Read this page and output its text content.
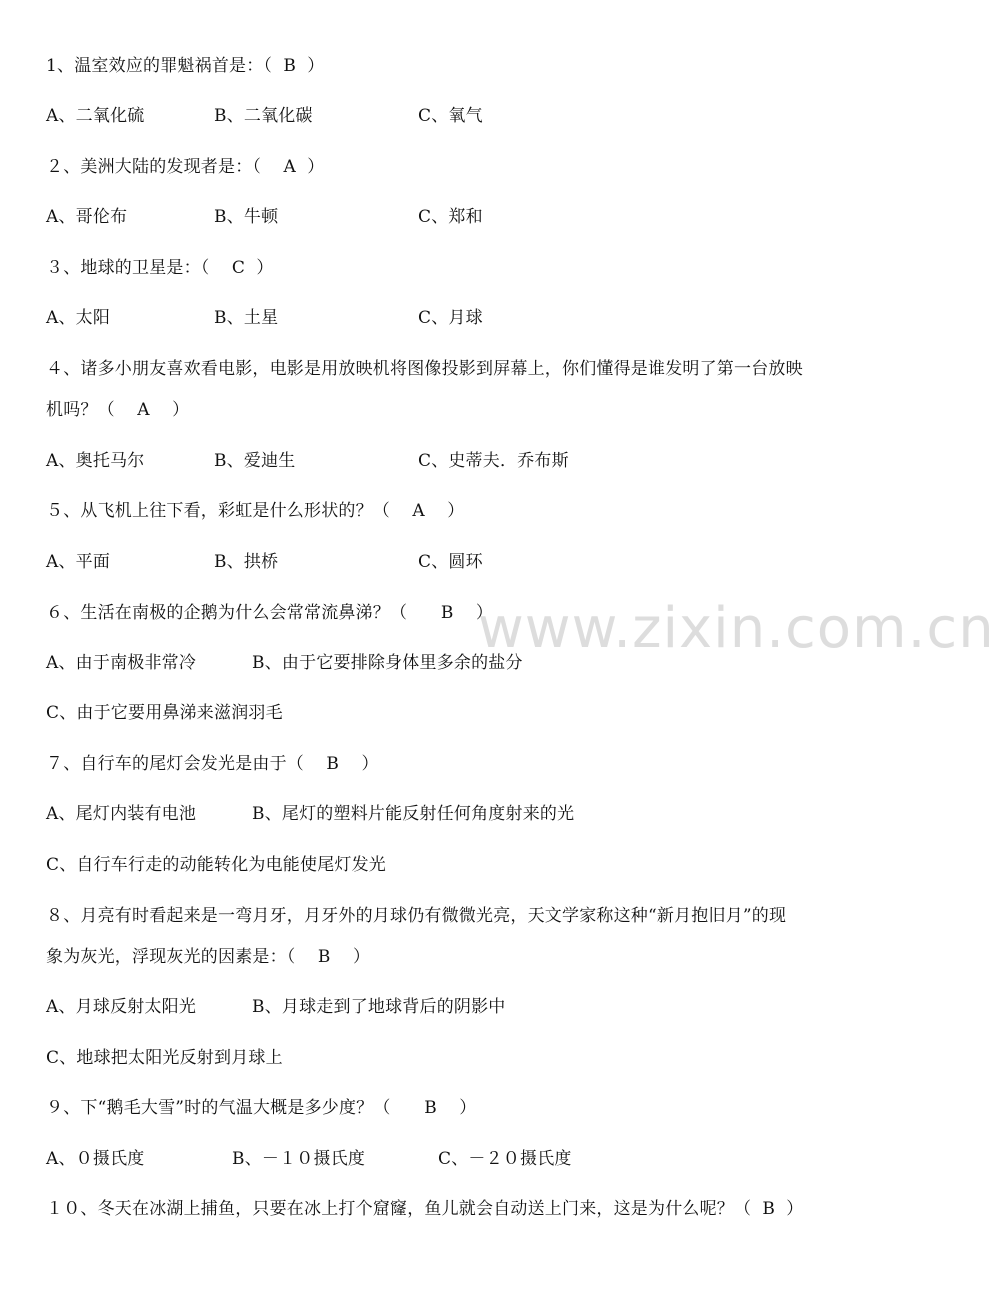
www.zixin.com.cn
1、温室效应的罪魁祸首是：（  B  ）
A、二氧化硫	B、二氧化碳	C、氧气
２、美洲大陆的发现者是：（    A  ）
A、哥伦布	B、牛顿	C、郑和
３、地球的卫星是：（    C  ）
A、太阳	B、土星	C、月球
４、诸多小朋友喜欢看电影，电影是用放映机将图像投影到屏幕上，你们懂得是谁发明了第一台放映
机吗？（    A    ）
A、奥托马尔	B、爱迪生	C、史蒂夫．乔布斯
５、从飞机上往下看，彩虹是什么形状的？（    A    ）
A、平面	B、拱桥	C、圆环
６、生活在南极的企鹅为什么会常常流鼻涕？（      B    ）
A、由于南极非常冷	B、由于它要排除身体里多余的盐分
C、由于它要用鼻涕来滋润羽毛
７、自行车的尾灯会发光是由于（    B    ）
A、尾灯内装有电池	B、尾灯的塑料片能反射任何角度射来的光
C、自行车行走的动能转化为电能使尾灯发光
８、月亮有时看起来是一弯月牙，月牙外的月球仍有微微光亮，天文学家称这种“新月抱旧月”的现
象为灰光，浮现灰光的因素是：（    B    ）
A、月球反射太阳光	B、月球走到了地球背后的阴影中
C、地球把太阳光反射到月球上
９、下“鹅毛大雪”时的气温大概是多少度？（      B    ）
A、０摄氏度	B、－１０摄氏度	C、－２０摄氏度
１０、冬天在冰湖上捕鱼，只要在冰上打个窟窿，鱼儿就会自动送上门来，这是为什么呢？（  B  ）
